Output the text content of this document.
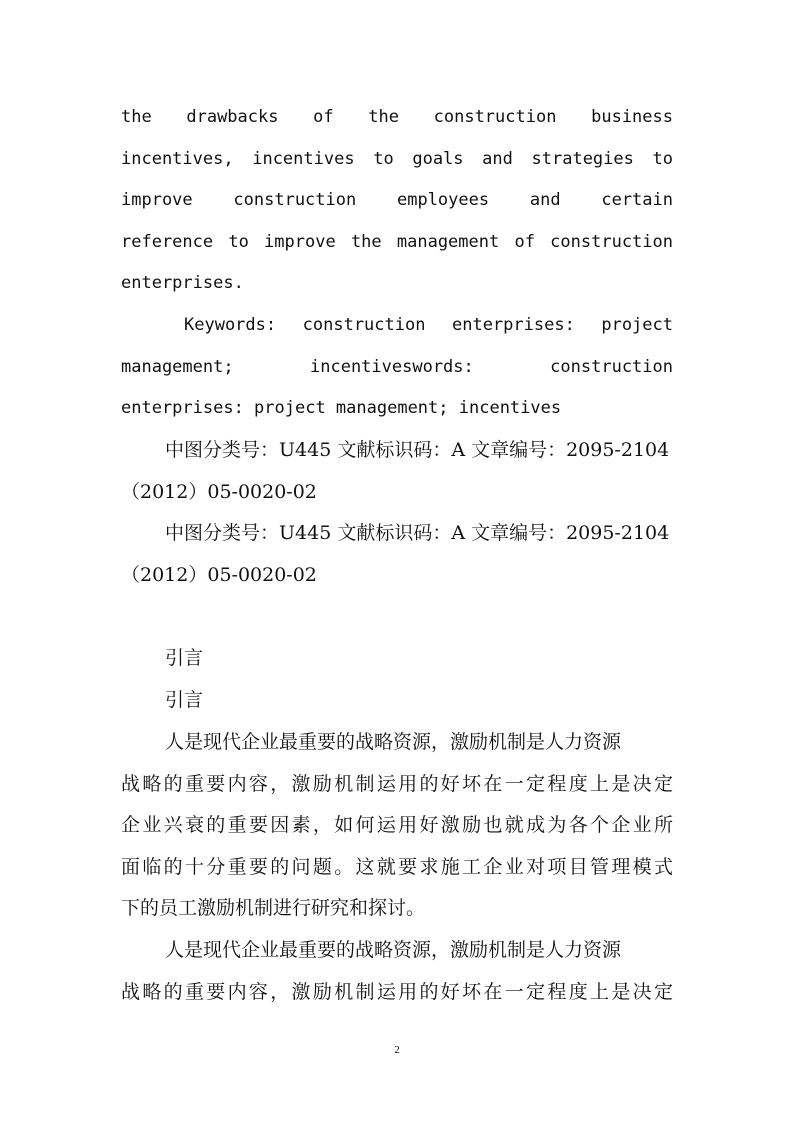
the drawbacks of the construction business
incentives, incentives to goals and strategies to
improve construction employees and certain
reference to improve the management of construction
enterprises.
Keywords: construction enterprises: project
management; incentiveswords: construction
enterprises: project management; incentives
中图分类号：U445 文献标识码：A 文章编号：2095-2104
（2012）05-0020-02
中图分类号：U445 文献标识码：A 文章编号：2095-2104
（2012）05-0020-02
引言
引言
人是现代企业最重要的战略资源，激励机制是人力资源
战略的重要内容，激励机制运用的好坏在一定程度上是决定
企业兴衰的重要因素，如何运用好激励也就成为各个企业所
面临的十分重要的问题。这就要求施工企业对项目管理模式
下的员工激励机制进行研究和探讨。
人是现代企业最重要的战略资源，激励机制是人力资源
战略的重要内容，激励机制运用的好坏在一定程度上是决定
2
